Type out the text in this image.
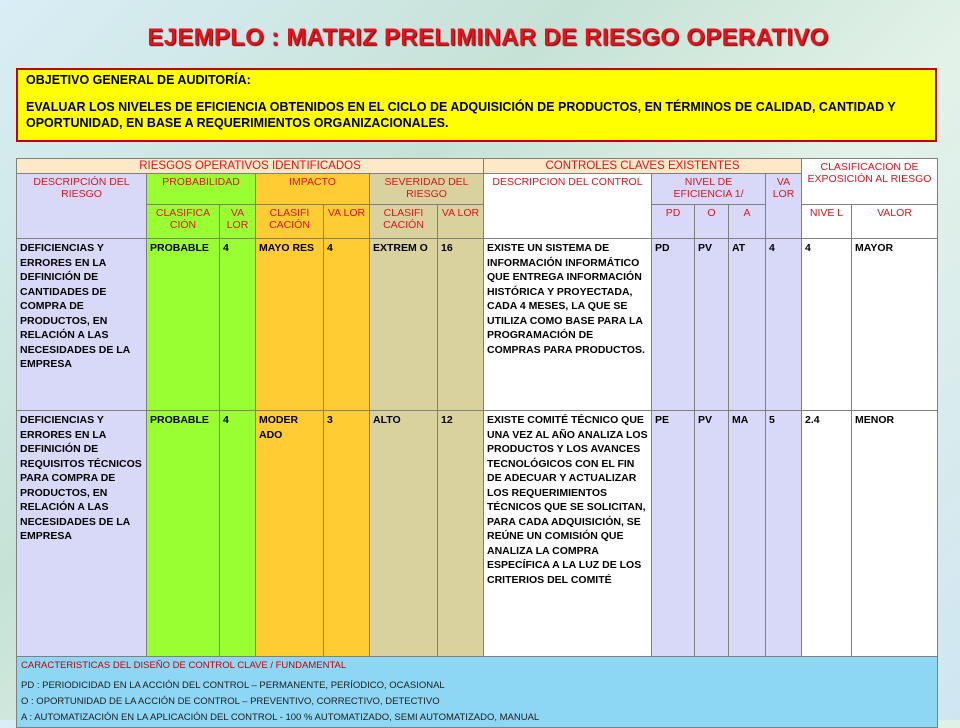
EJEMPLO : MATRIZ PRELIMINAR DE RIESGO OPERATIVO
OBJETIVO GENERAL DE AUDITORÍA:
EVALUAR LOS NIVELES DE EFICIENCIA OBTENIDOS EN EL CICLO DE ADQUISICIÓN DE PRODUCTOS, EN TÉRMINOS DE CALIDAD, CANTIDAD Y OPORTUNIDAD, EN BASE A REQUERIMIENTOS ORGANIZACIONALES.
RIESGOS OPERATIVOS IDENTIFICADOS							CONTROLES CLAVES EXISTENTES					CLASIFICACION DE EXPOSICIÓN AL RIESGO	
DESCRIPCIÓN DEL RIESGO	PROBABILIDAD		IMPACTO		SEVERIDAD DEL RIESGO		DESCRIPCION DEL CONTROL	NIVEL DE EFICIENCIA 1/			VA LOR		
	CLASIFICA CIÓN	VA LOR	CLASIFI CACIÓN	VA LOR	CLASIFI CACIÓN	VA LOR		PD	O	A		NIVE L	VALOR
DEFICIENCIAS Y ERRORES EN LA DEFINICIÓN DE CANTIDADES DE COMPRA DE PRODUCTOS, EN RELACIÓN A LAS NECESIDADES DE LA EMPRESA	PROBABLE	4	MAYO RES	4	EXTREM O	16	EXISTE UN SISTEMA DE INFORMACIÓN INFORMÁTICO QUE ENTREGA INFORMACIÓN HISTÓRICA Y PROYECTADA, CADA 4 MESES, LA QUE SE UTILIZA COMO BASE PARA LA PROGRAMACIÓN DE COMPRAS PARA PRODUCTOS.	PD	PV	AT	4	4	MAYOR
DEFICIENCIAS Y ERRORES EN LA DEFINICIÓN DE REQUISITOS TÉCNICOS PARA COMPRA DE PRODUCTOS, EN RELACIÓN A LAS NECESIDADES DE LA EMPRESA	PROBABLE	4	MODER ADO	3	ALTO	12	EXISTE COMITÉ TÉCNICO QUE UNA VEZ AL AÑO ANALIZA LOS PRODUCTOS Y LOS AVANCES TECNOLÓGICOS CON EL FIN DE ADECUAR Y ACTUALIZAR LOS REQUERIMIENTOS TÉCNICOS QUE SE SOLICITAN, PARA CADA ADQUISICIÓN, SE REÚNE UN COMISIÓN QUE ANALIZA LA COMPRA ESPECÍFICA A LA LUZ DE LOS CRITERIOS DEL COMITÉ	PE	PV	MA	5	2.4	MENOR

CARACTERISTICAS DEL DISEÑO DE CONTROL CLAVE / FUNDAMENTAL
PD : PERIODICIDAD EN LA ACCIÓN DEL CONTROL – PERMANENTE, PERÍODICO, OCASIONAL
O : OPORTUNIDAD DE LA ACCIÓN DE CONTROL – PREVENTIVO, CORRECTIVO, DETECTIVO
A : AUTOMATIZACIÓN EN LA APLICACIÓN DEL CONTROL - 100 % AUTOMATIZADO, SEMI AUTOMATIZADO, MANUAL													
